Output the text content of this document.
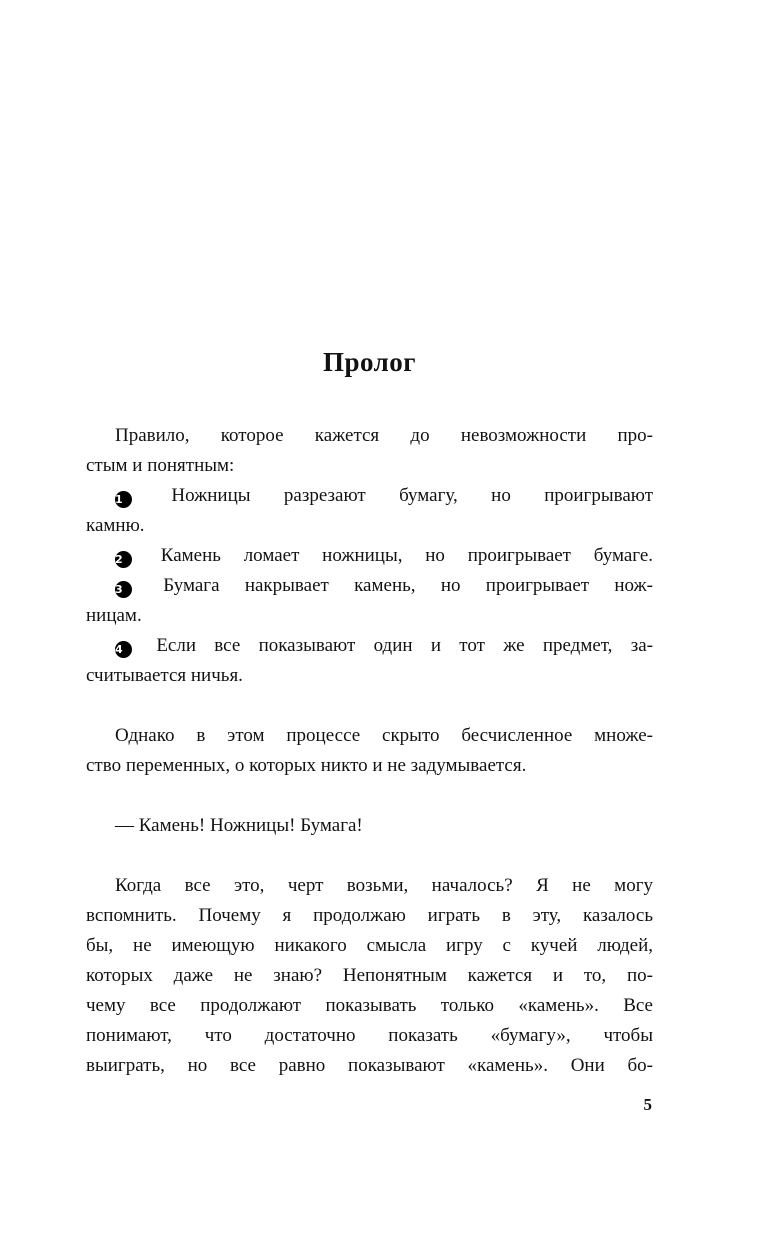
Пролог
Правило, которое кажется до невозможности про-
стым и понятным:
1	Ножницы разрезают бумагу, но проигрывают
камню.
2 Камень ломает ножницы, но проигрывает бумаге.
3 Бумага накрывает камень, но проигрывает нож-
ницам.
4 Если все показывают один и тот же предмет, за-
считывается ничья.
Однако в этом процессе скрыто бесчисленное множе-
ство переменных, о которых никто и не задумывается.
— Камень! Ножницы! Бумага!
Когда все это, черт возьми, началось? Я не могу
вспомнить. Почему я продолжаю играть в эту, казалось
бы, не имеющую никакого смысла игру с кучей людей,
которых даже не знаю? Непонятным кажется и то, по-
чему все продолжают показывать только «камень». Все
понимают, что достаточно показать «бумагу», чтобы
выиграть, но все равно показывают «камень». Они бо-
5
